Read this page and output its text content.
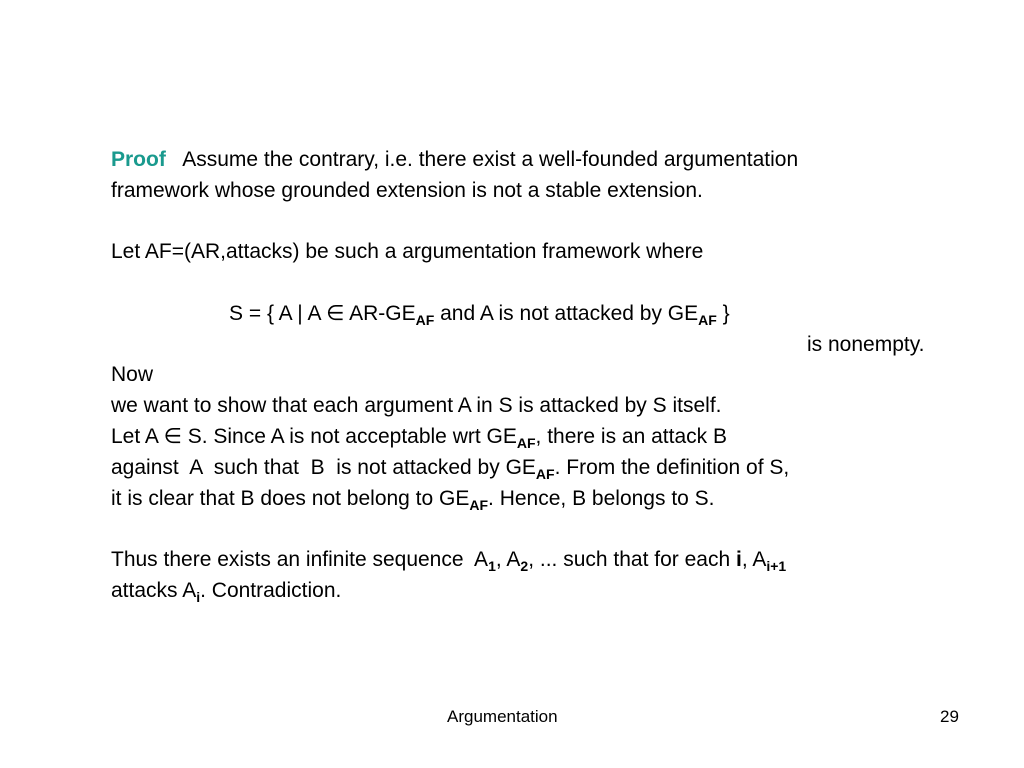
Proof Assume the contrary, i.e. there exist a well-founded argumentation
framework whose grounded extension is not a stable extension.
Let AF=(AR,attacks) be such a argumentation framework where
S = { A | A ∈ $AR-GE_{AF}$ and A is not attacked by $GE_{AF}$ }
is nonempty.
Now
we want to show that each argument A in S is attacked by S itself.
Let A ∈ S. Since A is not acceptable wrt $GE_{AF}$, there is an attack B
against  A  such that  B  is not attacked by $GE_{AF}$. From the definition of S,
it is clear that B does not belong to $GE_{AF}$. Hence, B belongs to S.
Thus there exists an infinite sequence  $A_1$, $A_2$, ... such that for each i, $A_{i+1}$
attacks $A_i$. Contradiction.
Argumentation	29
